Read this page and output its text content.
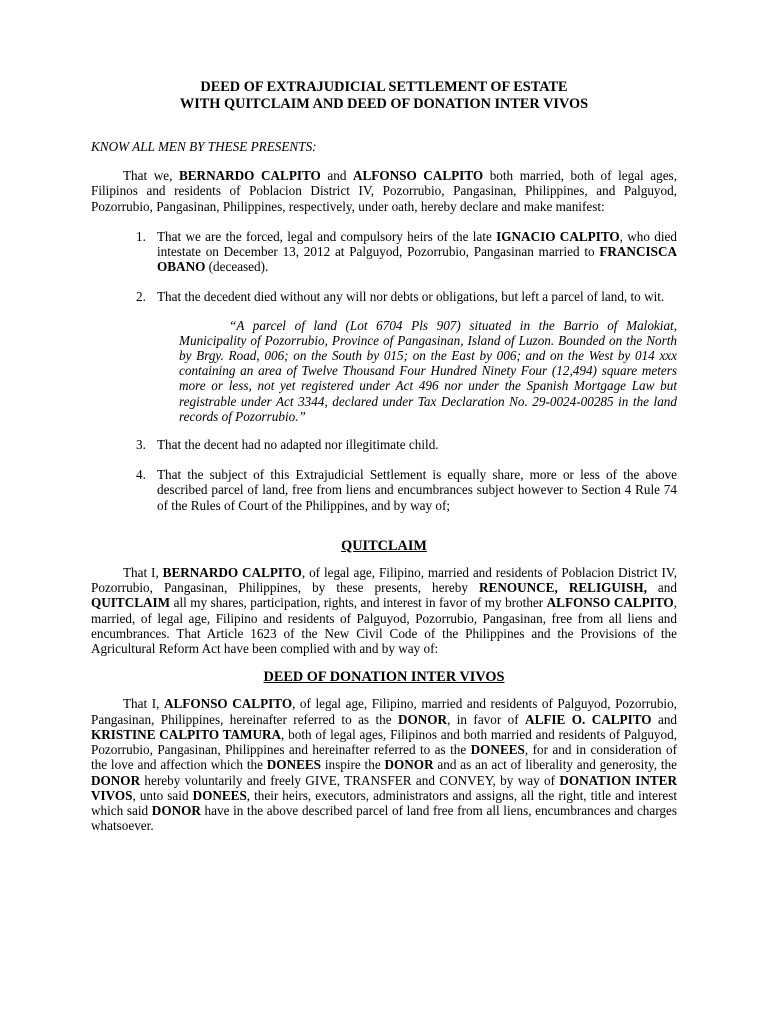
DEED OF EXTRAJUDICIAL SETTLEMENT OF ESTATE
WITH QUITCLAIM AND DEED OF DONATION INTER VIVOS

KNOW ALL MEN BY THESE PRESENTS:

That we, BERNARDO CALPITO and ALFONSO CALPITO both married, both of legal ages, Filipinos and residents of Poblacion District IV, Pozorrubio, Pangasinan, Philippines, and Palguyod, Pozorrubio, Pangasinan, Philippines, respectively, under oath, hereby declare and make manifest:

1. That we are the forced, legal and compulsory heirs of the late IGNACIO CALPITO, who died intestate on December 13, 2012 at Palguyod, Pozorrubio, Pangasinan married to FRANCISCA OBANO (deceased).
2. That the decedent died without any will nor debts or obligations, but left a parcel of land, to wit.

“A parcel of land (Lot 6704 Pls 907) situated in the Barrio of Malokiat, Municipality of Pozorrubio, Province of Pangasinan, Island of Luzon. Bounded on the North by Brgy. Road, 006; on the South by 015; on the East by 006; and on the West by 014 xxx containing an area of Twelve Thousand Four Hundred Ninety Four (12,494) square meters more or less, not yet registered under Act 496 nor under the Spanish Mortgage Law but registrable under Act 3344, declared under Tax Declaration No. 29-0024-00285 in the land records of Pozorrubio.”

3. That the decent had no adapted nor illegitimate child.
4. That the subject of this Extrajudicial Settlement is equally share, more or less of the above described parcel of land, free from liens and encumbrances subject however to Section 4 Rule 74 of the Rules of Court of the Philippines, and by way of;

QUITCLAIM

That I, BERNARDO CALPITO, of legal age, Filipino, married and residents of Poblacion District IV, Pozorrubio, Pangasinan, Philippines, by these presents, hereby RENOUNCE, RELIGUISH, and QUITCLAIM all my shares, participation, rights, and interest in favor of my brother ALFONSO CALPITO, married, of legal age, Filipino and residents of Palguyod, Pozorrubio, Pangasinan, free from all liens and encumbrances. That Article 1623 of the New Civil Code of the Philippines and the Provisions of the Agricultural Reform Act have been complied with and by way of:

DEED OF DONATION INTER VIVOS

That I, ALFONSO CALPITO, of legal age, Filipino, married and residents of Palguyod, Pozorrubio, Pangasinan, Philippines, hereinafter referred to as the DONOR, in favor of ALFIE O. CALPITO and KRISTINE CALPITO TAMURA, both of legal ages, Filipinos and both married and residents of Palguyod, Pozorrubio, Pangasinan, Philippines and hereinafter referred to as the DONEES, for and in consideration of the love and affection which the DONEES inspire the DONOR and as an act of liberality and generosity, the DONOR hereby voluntarily and freely GIVE, TRANSFER and CONVEY, by way of DONATION INTER VIVOS, unto said DONEES, their heirs, executors, administrators and assigns, all the right, title and interest which said DONOR have in the above described parcel of land free from all liens, encumbrances and charges whatsoever.
